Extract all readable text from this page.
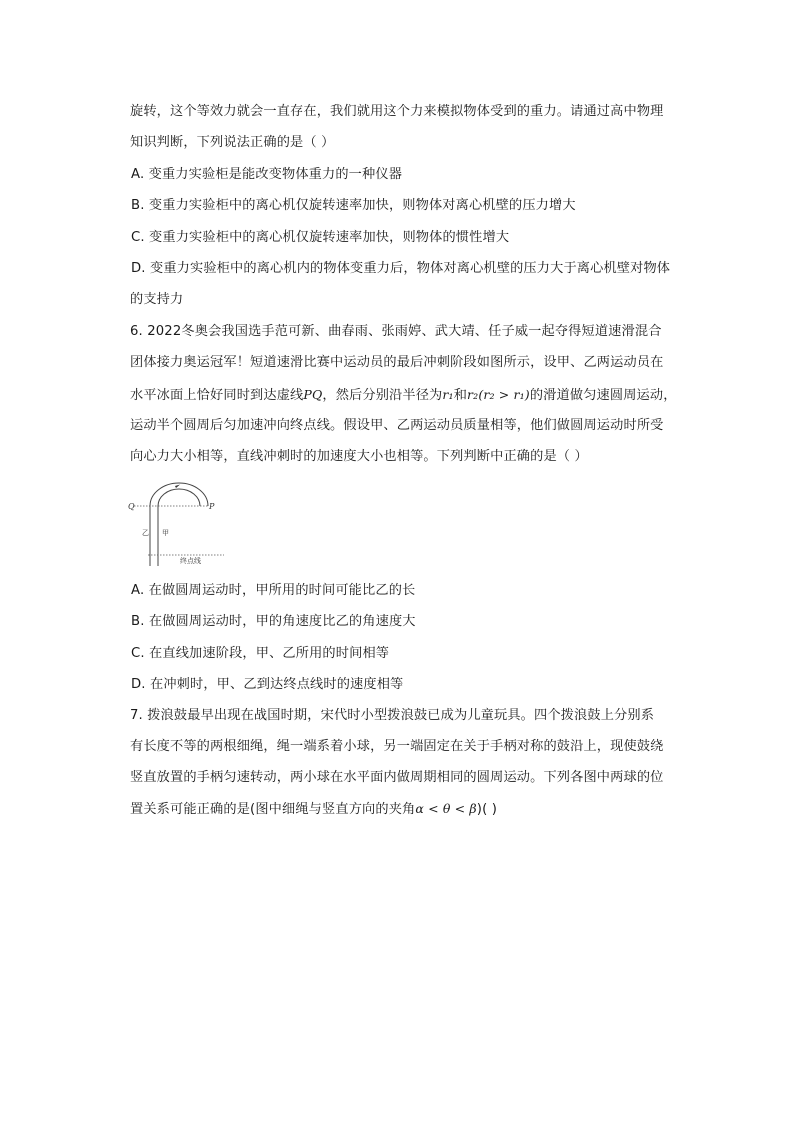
旋转，这个等效力就会一直存在，我们就用这个力来模拟物体受到的重力。请通过高中物理
知识判断，下列说法正确的是（ ）
A. 变重力实验柜是能改变物体重力的一种仪器
B. 变重力实验柜中的离心机仅旋转速率加快，则物体对离心机壁的压力增大
C. 变重力实验柜中的离心机仅旋转速率加快，则物体的惯性增大
D. 变重力实验柜中的离心机内的物体变重力后，物体对离心机壁的压力大于离心机壁对物体
的支持力
6. 2022冬奥会我国选手范可新、曲春雨、张雨婷、武大靖、任子威一起夺得短道速滑混合
团体接力奥运冠军！短道速滑比赛中运动员的最后冲刺阶段如图所示，设甲、乙两运动员在
水平冰面上恰好同时到达虚线PQ，然后分别沿半径为r₁和r₂(r₂ > r₁)的滑道做匀速圆周运动，
运动半个圆周后匀加速冲向终点线。假设甲、乙两运动员质量相等，他们做圆周运动时所受
向心力大小相等，直线冲刺时的加速度大小也相等。下列判断中正确的是（ ）
Q	P
乙 甲
终点线
A. 在做圆周运动时，甲所用的时间可能比乙的长
B. 在做圆周运动时，甲的角速度比乙的角速度大
C. 在直线加速阶段，甲、乙所用的时间相等
D. 在冲刺时，甲、乙到达终点线时的速度相等
7. 拨浪鼓最早出现在战国时期，宋代时小型拨浪鼓已成为儿童玩具。四个拨浪鼓上分别系
有长度不等的两根细绳，绳一端系着小球，另一端固定在关于手柄对称的鼓沿上，现使鼓绕
竖直放置的手柄匀速转动，两小球在水平面内做周期相同的圆周运动。下列各图中两球的位
置关系可能正确的是(图中细绳与竖直方向的夹角α < θ < β)( )
